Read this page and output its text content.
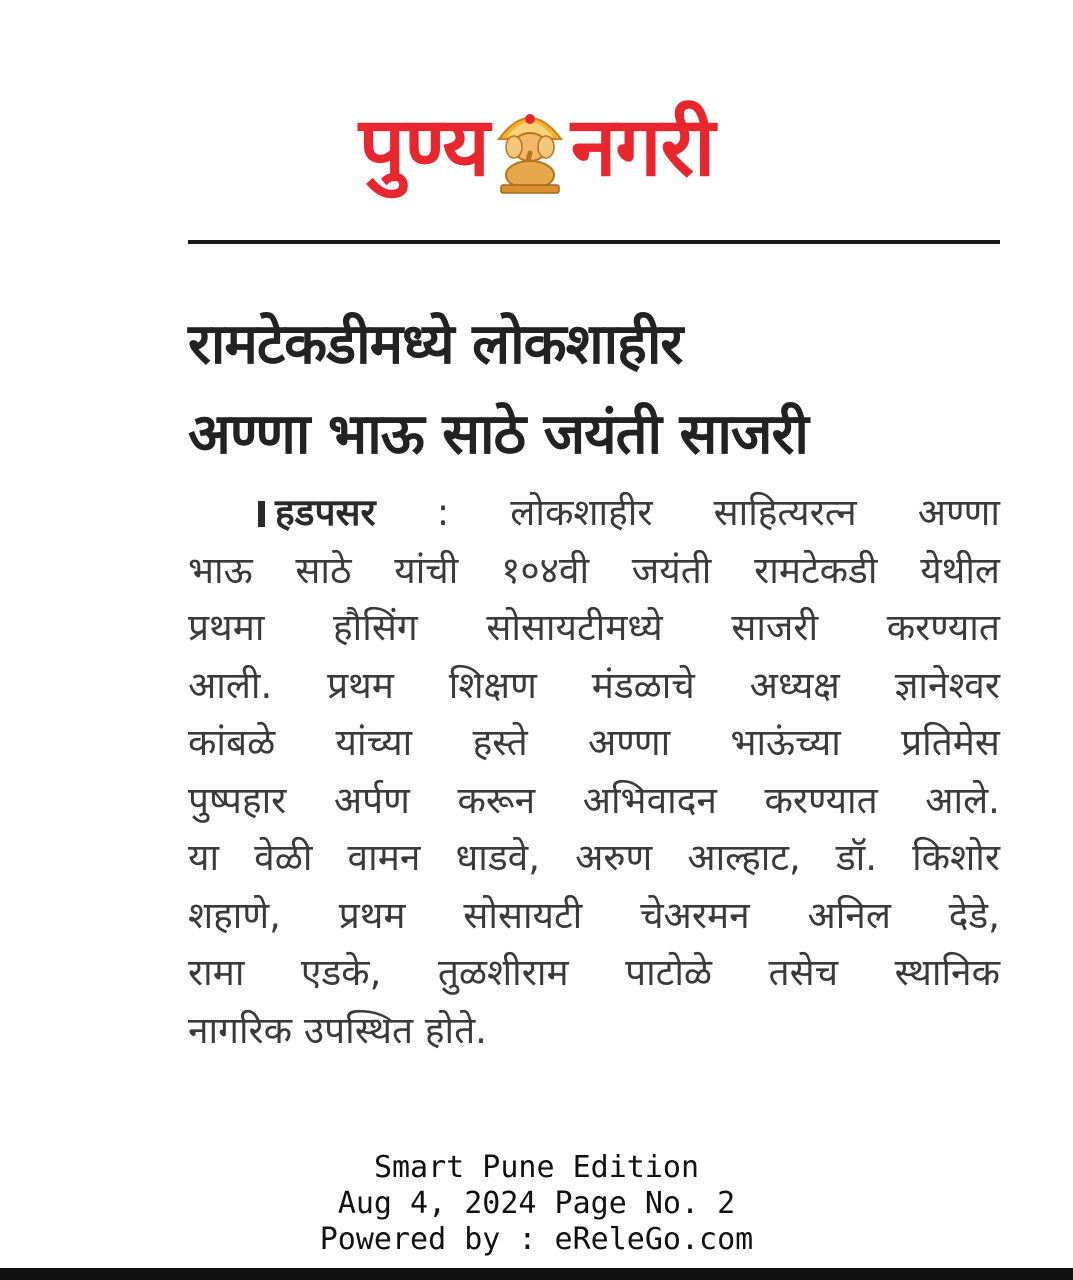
पुण्य नगरी
रामटेकडीमध्ये लोकशाहीर
अण्णा भाऊ साठे जयंती साजरी
हडपसर : लोकशाहीर साहित्यरत्न अण्णा
भाऊ साठे यांची १०४वी जयंती रामटेकडी येथील
प्रथमा हौसिंग सोसायटीमध्ये साजरी करण्यात
आली. प्रथम शिक्षण मंडळाचे अध्यक्ष ज्ञानेश्वर
कांबळे यांच्या हस्ते अण्णा भाऊंच्या प्रतिमेस
पुष्पहार अर्पण करून अभिवादन करण्यात आले.
या वेळी वामन धाडवे, अरुण आल्हाट, डॉ. किशोर
शहाणे, प्रथम सोसायटी चेअरमन अनिल देडे,
रामा एडके, तुळशीराम पाटोळे तसेच स्थानिक
नागरिक उपस्थित होते.
Smart Pune Edition
Aug 4, 2024 Page No. 2
Powered by : eReleGo.com
